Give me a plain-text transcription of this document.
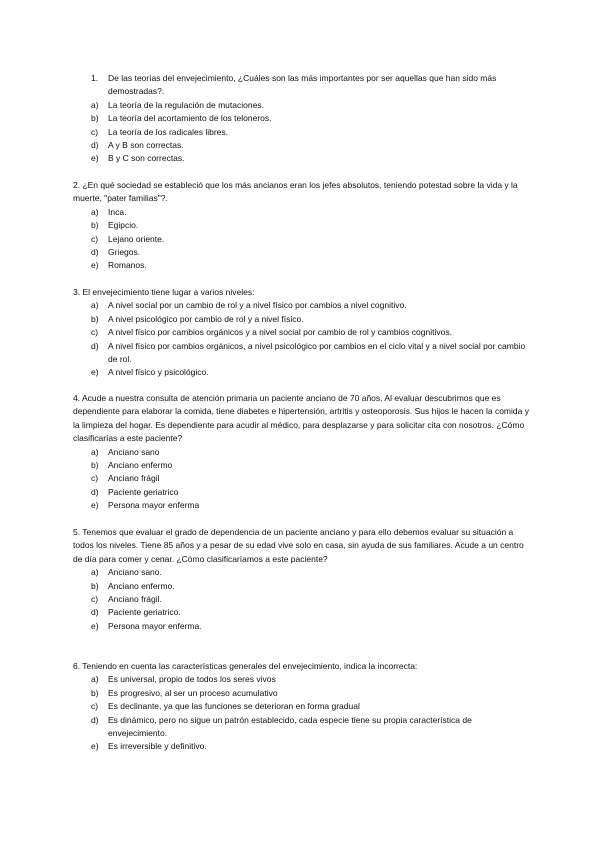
1. De las teorías del envejecimiento, ¿Cuáles son las más importantes por ser aquellas que han sido más demostradas?.
a) La teoría de la regulación de mutaciones.
b) La teoría del acortamiento de los teloneros.
c) La teoría de los radicales libres.
d) A y B son correctas.
e) B y C son correctas.

2. ¿En qué sociedad se estableció que los más ancianos eran los jefes absolutos, teniendo potestad sobre la vida y la muerte, "pater familias"?.

a) Inca.
b) Egipcio.
c) Lejano oriente.
d) Griegos.
e) Romanos.

3. El envejecimiento tiene lugar a varios niveles:

a) A nivel social por un cambio de rol y a nivel físico por cambios a nivel cognitivo.
b) A nivel psicológico por cambio de rol y a nivel físico.
c) A nivel físico por cambios orgánicos y a nivel social por cambio de rol y cambios cognitivos.
d) A nivel físico por cambios orgánicos, a nivel psicológico por cambios en el ciclo vital y a nivel social por cambio de rol.
e) A nivel físico y psicológico.

4. Acude a nuestra consulta de atención primaria un paciente anciano de 70 años. Al evaluar descubrimos que es dependiente para elaborar la comida, tiene diabetes e hipertensión, artritis y osteoporosis. Sus hijos le hacen la comida y la limpieza del hogar. Es dependiente para acudir al médico, para desplazarse y para solicitar cita con nosotros. ¿Cómo clasificarías a este paciente?

a) Anciano sano
b) Anciano enfermo
c) Anciano frágil
d) Paciente geriatrico
e) Persona mayor enferma

5. Tenemos que evaluar el grado de dependencia de un paciente anciano y para ello debemos evaluar su situación a todos los niveles. Tiene 85 años y a pesar de su edad vive solo en casa, sin ayuda de sus familiares. Acude a un centro de día para comer y cenar. ¿Cómo clasificaríamos a este paciente?

a) Anciano sano.
b) Anciano enfermo.
c) Anciano frágil.
d) Paciente geriatrico.
e) Persona mayor enferma.

6. Teniendo en cuenta las características generales del envejecimiento, indica la incorrecta:

a) Es universal, propio de todos los seres vivos
b) Es progresivo, al ser un proceso acumulativo
c) Es declinante, ya que las funciones se deterioran en forma gradual
d) Es dinámico, pero no sigue un patrón establecido, cada especie tiene su propia característica de envejecimiento.
e) Es irreversible y definitivo.
